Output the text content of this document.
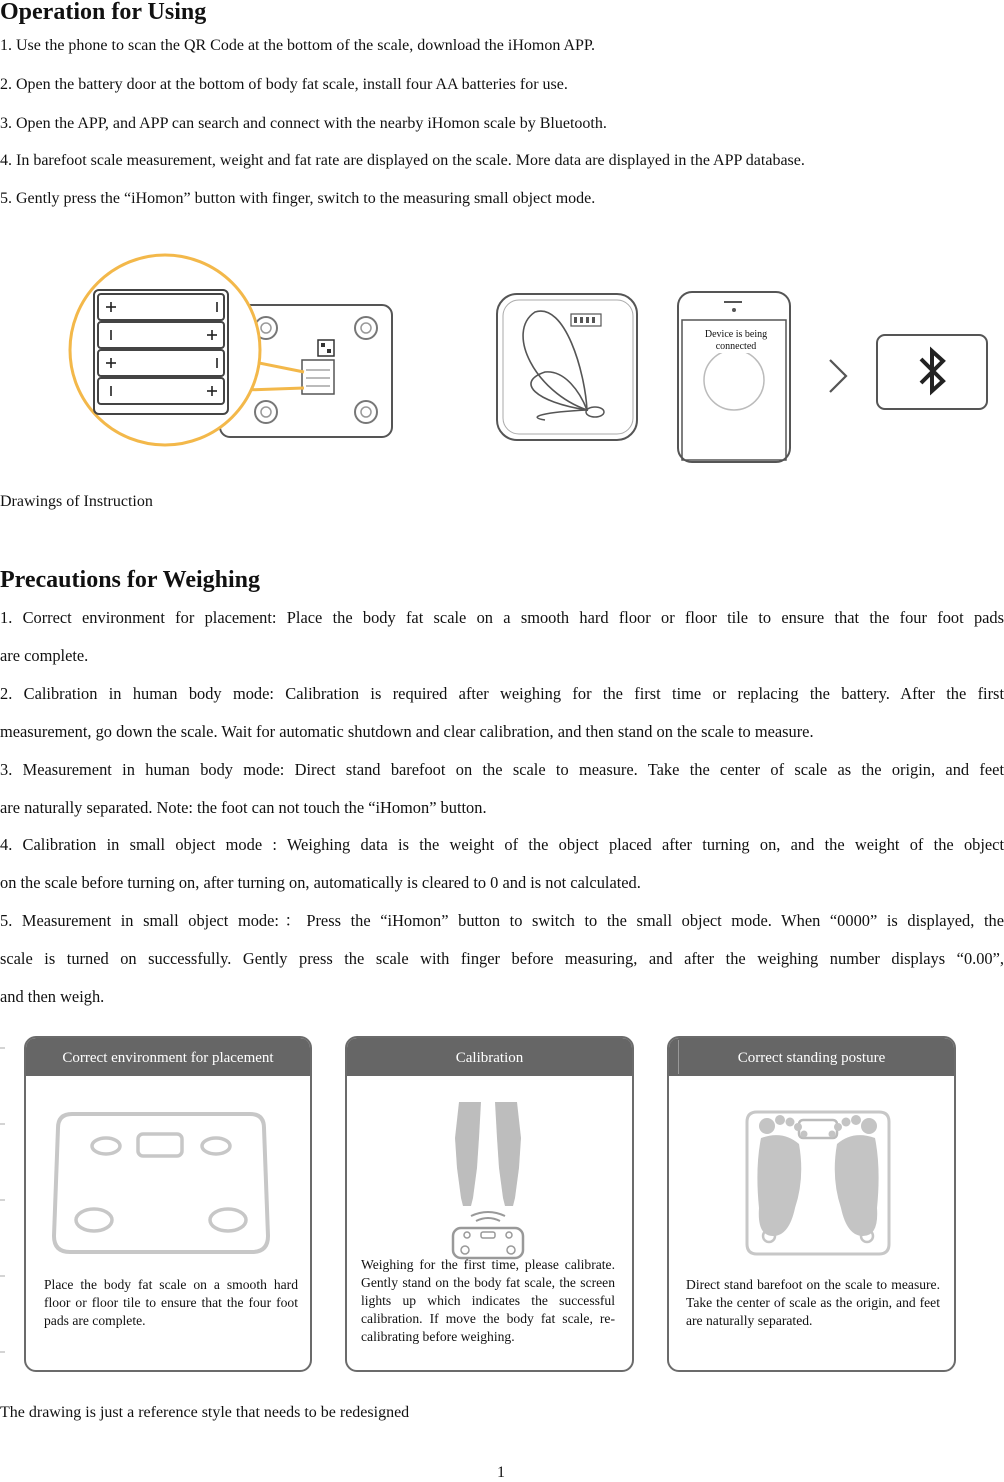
Operation for Using
1. Use the phone to scan the QR Code at the bottom of the scale, download the iHomon APP.
2. Open the battery door at the bottom of body fat scale, install four AA batteries for use.
3. Open the APP, and APP can search and connect with the nearby iHomon scale by Bluetooth.
4. In barefoot scale measurement, weight and fat rate are displayed on the scale. More data are displayed in the APP database.
5. Gently press the “iHomon” button with finger, switch to the measuring small object mode.
Device is being
connected
Drawings of Instruction
Precautions for Weighing
1. Correct environment for placement: Place the body fat scale on a smooth hard floor or floor tile to ensure that the four foot pads
are complete.
2. Calibration in human body mode: Calibration is required after weighing for the first time or replacing the battery. After the first
measurement, go down the scale. Wait for automatic shutdown and clear calibration, and then stand on the scale to measure.
3. Measurement in human body mode: Direct stand barefoot on the scale to measure. Take the center of scale as the origin, and feet
are naturally separated. Note: the foot can not touch the “iHomon” button.
4. Calibration in small object mode : Weighing data is the weight of the object placed after turning on, and the weight of the object
on the scale before turning on, after turning on, automatically is cleared to 0 and is not calculated.
5. Measurement in small object mode:：Press the “iHomon” button to switch to the small object mode. When “0000” is displayed, the
scale is turned on successfully. Gently press the scale with finger before measuring, and after the weighing number displays “0.00”,
and then weigh.
Correct environment for placement
Place the body fat scale on a smooth hard floor or floor tile to ensure that the four foot pads are complete.
Calibration
Weighing for the first time, please calibrate. Gently stand on the body fat scale, the screen lights up which indicates the successful calibration. If move the body fat scale, re-calibrating before weighing.
Correct standing posture
Direct stand barefoot on the scale to measure. Take the center of scale as the origin, and feet are naturally separated.
The drawing is just a reference style that needs to be redesigned
1
